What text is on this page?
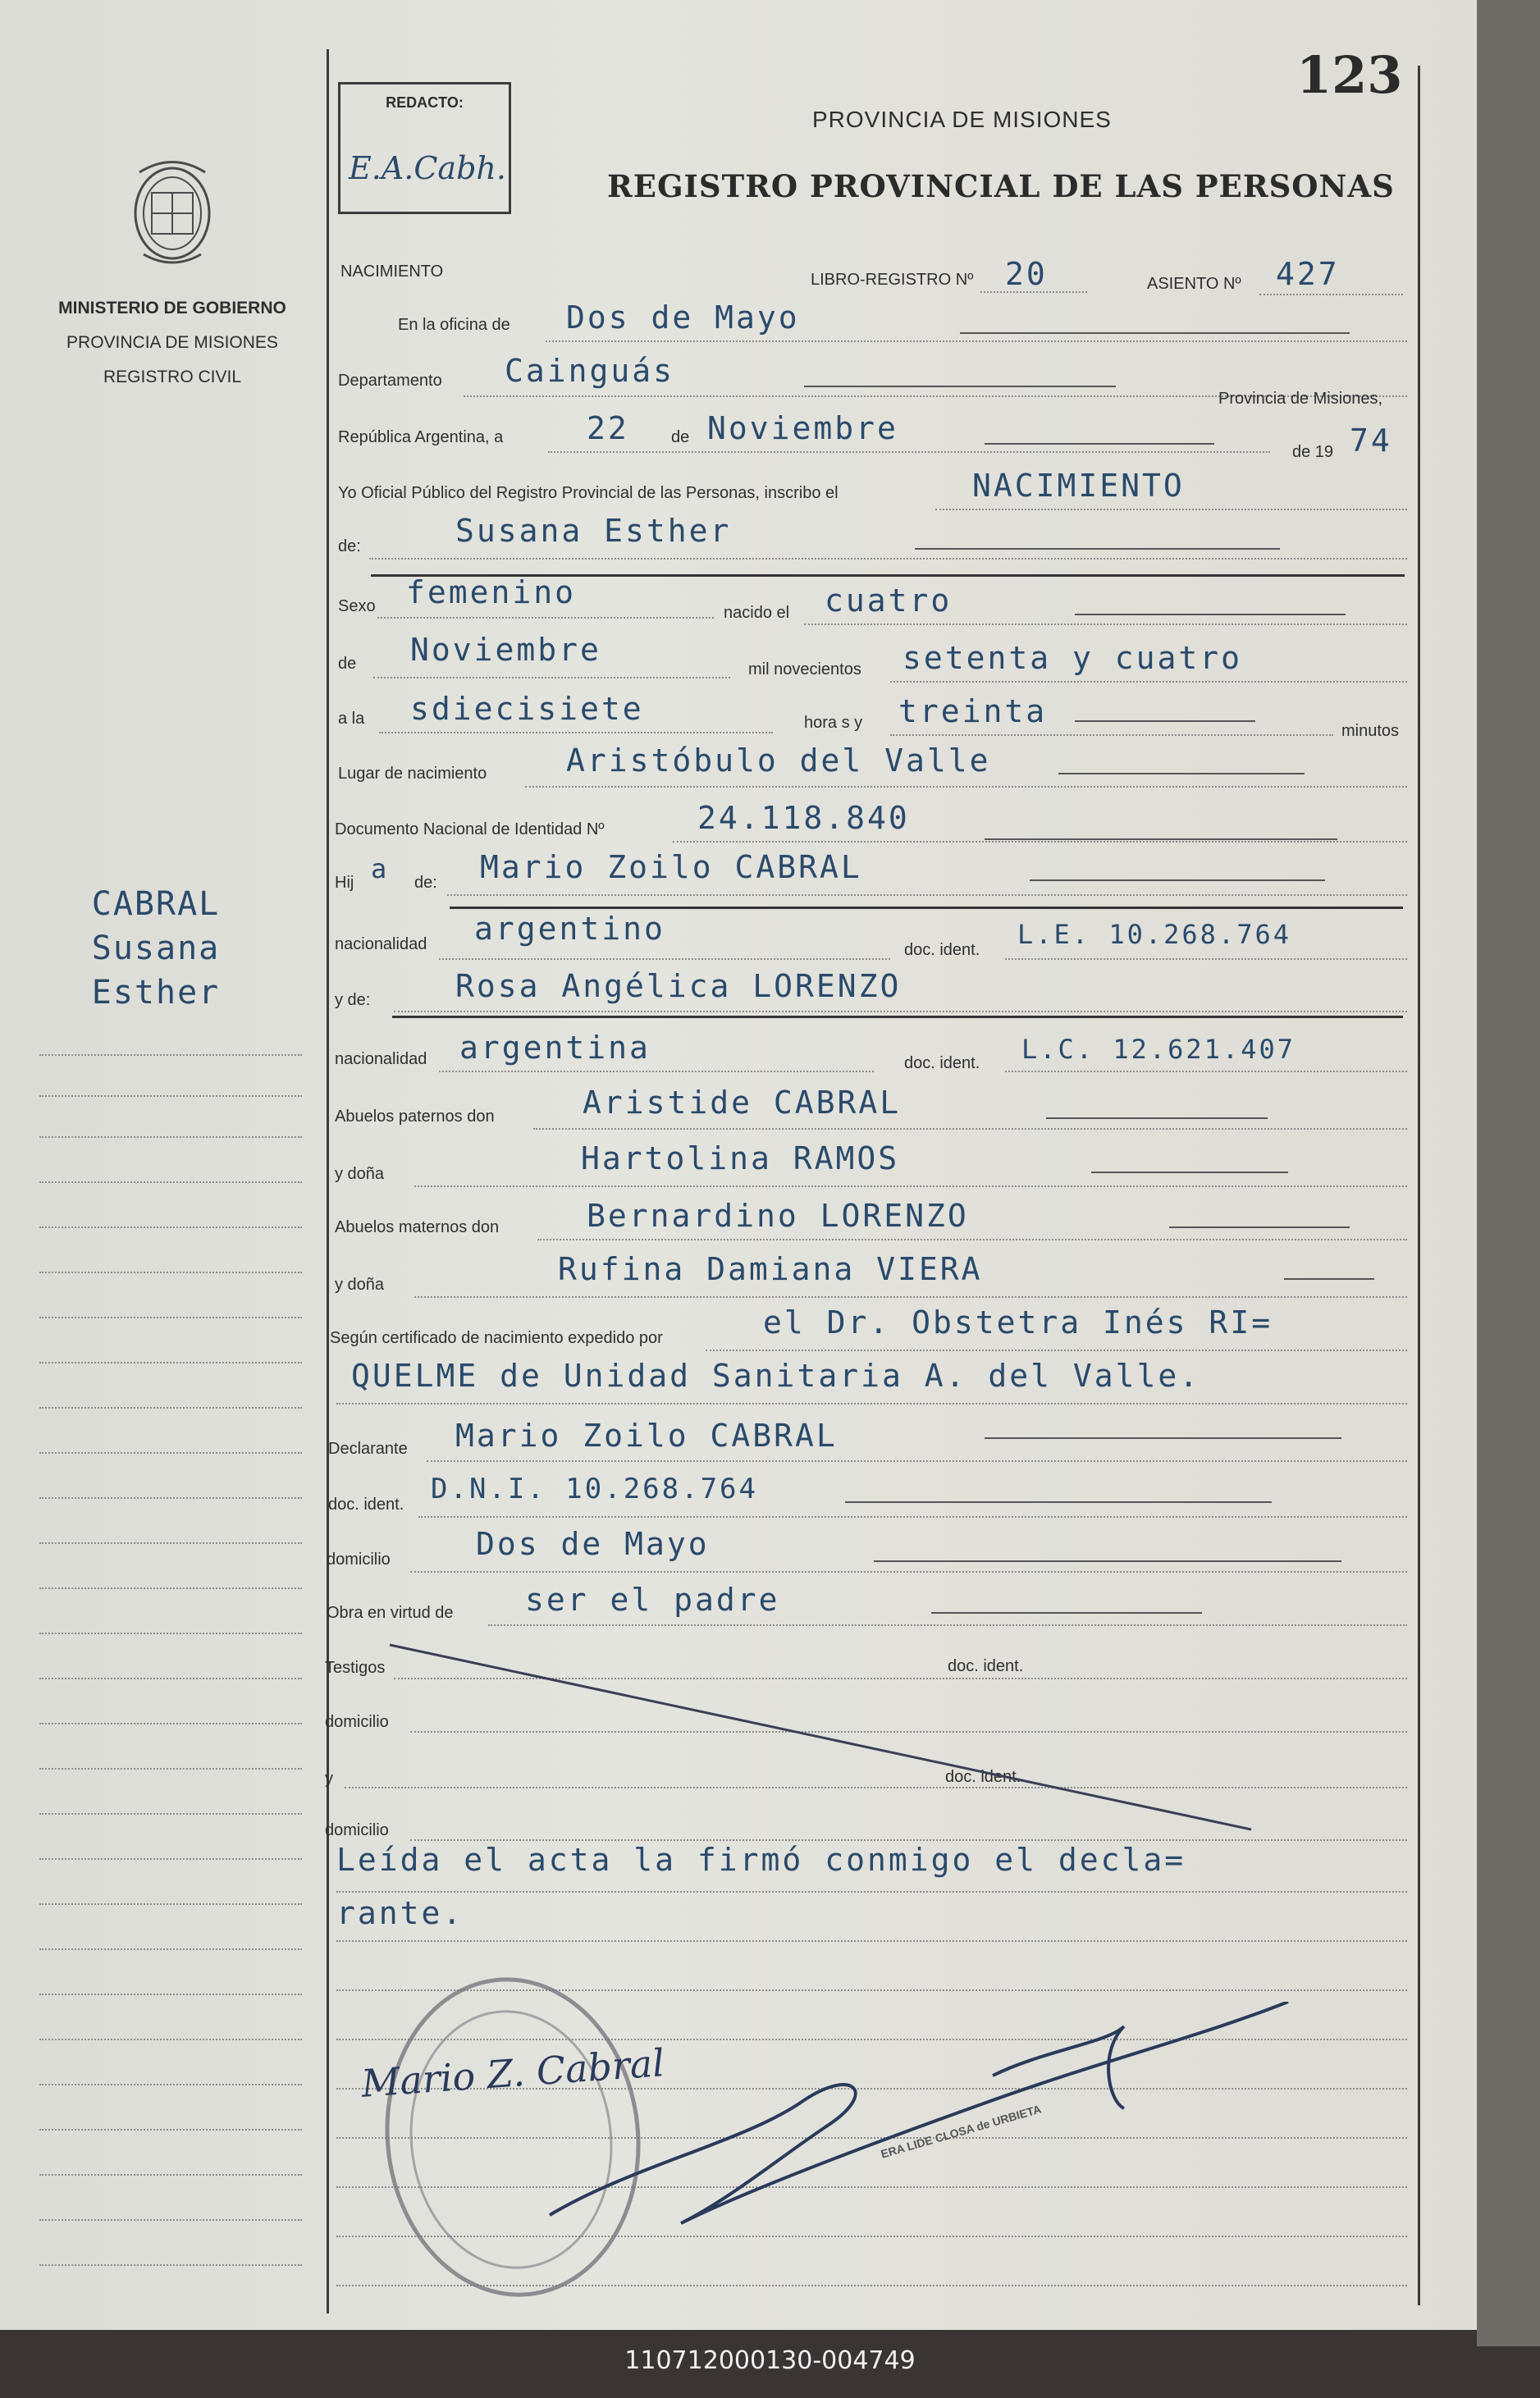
MINISTERIO DE GOBIERNO
PROVINCIA DE MISIONES
REGISTRO CIVIL
CABRAL
Susana
Esther
REDACTO:
E.A.Cabh.
123
PROVINCIA DE MISIONES
REGISTRO PROVINCIAL DE LAS PERSONAS
NACIMIENTO	LIBRO-REGISTRO Nº 20	ASIENTO Nº 427
En la oficina de Dos de Mayo
Departamento Cainguás
Provincia de Misiones,
República Argentina, a	22	de Noviembre
de 19 74
Yo Oficial Público del Registro Provincial de las Personas, inscribo el	NACIMIENTO
de:	Susana Esther
Sexo femenino
nacido el cuatro
de Noviembre
mil novecientos setenta y cuatro
a la sdiecisiete	hora s y treinta
minutos
Lugar de nacimiento	Aristóbulo del Valle
Documento Nacional de Identidad Nº	24.118.840
Hij a de: Mario Zoilo CABRAL
nacionalidad argentino
doc. ident. L.E. 10.268.764
y de:	Rosa Angélica LORENZO
nacionalidad argentina	doc. ident. L.C. 12.621.407
Abuelos paternos don	Aristide CABRAL
y doña	Hartolina RAMOS
Abuelos maternos don	Bernardino LORENZO
y doña	Rufina Damiana VIERA
Según certificado de nacimiento expedido por	el Dr. Obstetra Inés RI=
QUELME de Unidad Sanitaria A. del Valle.
Declarante Mario Zoilo CABRAL
doc. ident. D.N.I. 10.268.764
domicilio	Dos de Mayo
Obra en virtud de ser el padre
Testigos	doc. ident.
domicilio
y	doc. ident.
domicilio
Leída el acta la firmó conmigo el decla=
rante.
Mario Z. Cabral
ERA LIDE CLOSA de URBIETA
110712000130-004749
